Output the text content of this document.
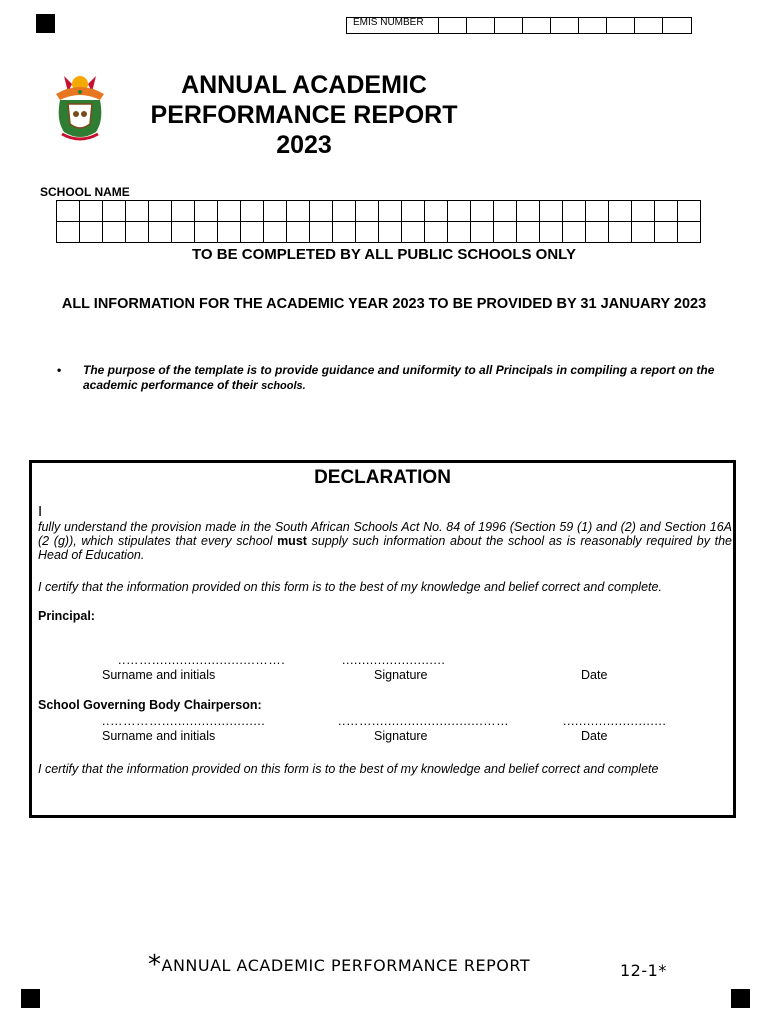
EMIS NUMBER
ANNUAL ACADEMIC
PERFORMANCE REPORT
2023
SCHOOL NAME

TO BE COMPLETED BY ALL PUBLIC SCHOOLS ONLY
ALL INFORMATION FOR THE ACADEMIC YEAR 2023 TO BE PROVIDED BY 31 JANUARY 2023
• The purpose of the template is to provide guidance and uniformity to all Principals in compiling a report on the academic performance of their schools.
DECLARATION
I
fully understand the provision made in the South African Schools Act No. 84 of 1996 (Section 59 (1) and (2) and Section 16A (2 (g)), which stipulates that every school must supply such information about the school as is reasonably required by the Head of Education.
I certify that the information provided on this form is to the best of my knowledge and belief correct and complete.
Principal:
..……..........................…….	..........................
Surname and initials	Signature	Date
School Governing Body Chairperson:
..…………..........................	..……............................……	..........................
Surname and initials	Signature	Date
I certify that the information provided on this form is to the best of my knowledge and belief correct and complete
*ANNUAL ACADEMIC PERFORMANCE REPORT	12-1*
